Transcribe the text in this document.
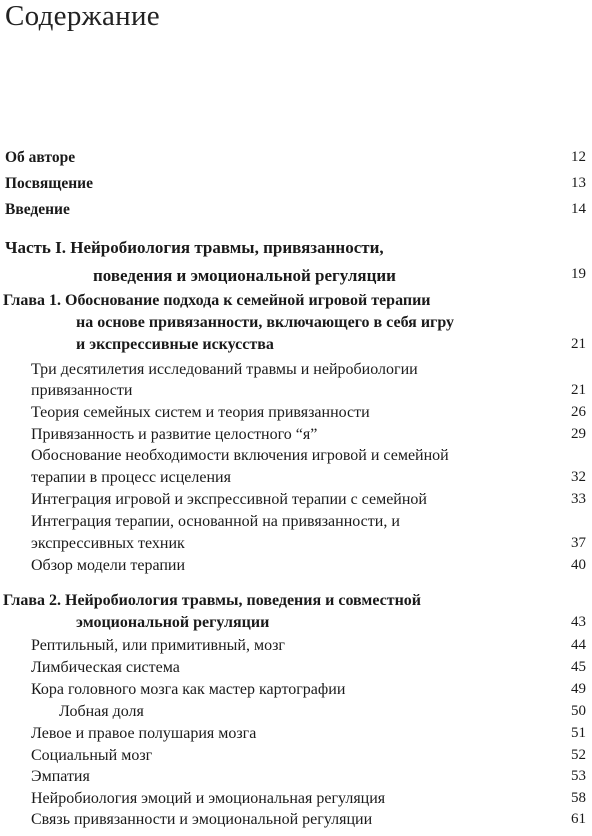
Содержание
Об авторе	12
Посвящение	13
Введение	14
Часть I. Нейробиология травмы, привязанности,
поведения и эмоциональной регуляции	19
Глава 1. Обоснование подхода к семейной игровой терапии
на основе привязанности, включающего в себя игру
и экспрессивные искусства	21
Три десятилетия исследований травмы и нейробиологии
привязанности	21
Теория семейных систем и теория привязанности	26
Привязанность и развитие целостного “я”	29
Обоснование необходимости включения игровой и семейной
терапии в процесс исцеления	32
Интеграция игровой и экспрессивной терапии с семейной	33
Интеграция терапии, основанной на привязанности, и
экспрессивных техник	37
Обзор модели терапии	40
Глава 2. Нейробиология травмы, поведения и совместной
эмоциональной регуляции	43
Рептильный, или примитивный, мозг	44
Лимбическая система	45
Кора головного мозга как мастер картографии	49
Лобная доля	50
Левое и правое полушария мозга	51
Социальный мозг	52
Эмпатия	53
Нейробиология эмоций и эмоциональная регуляция	58
Связь привязанности и эмоциональной регуляции	61
